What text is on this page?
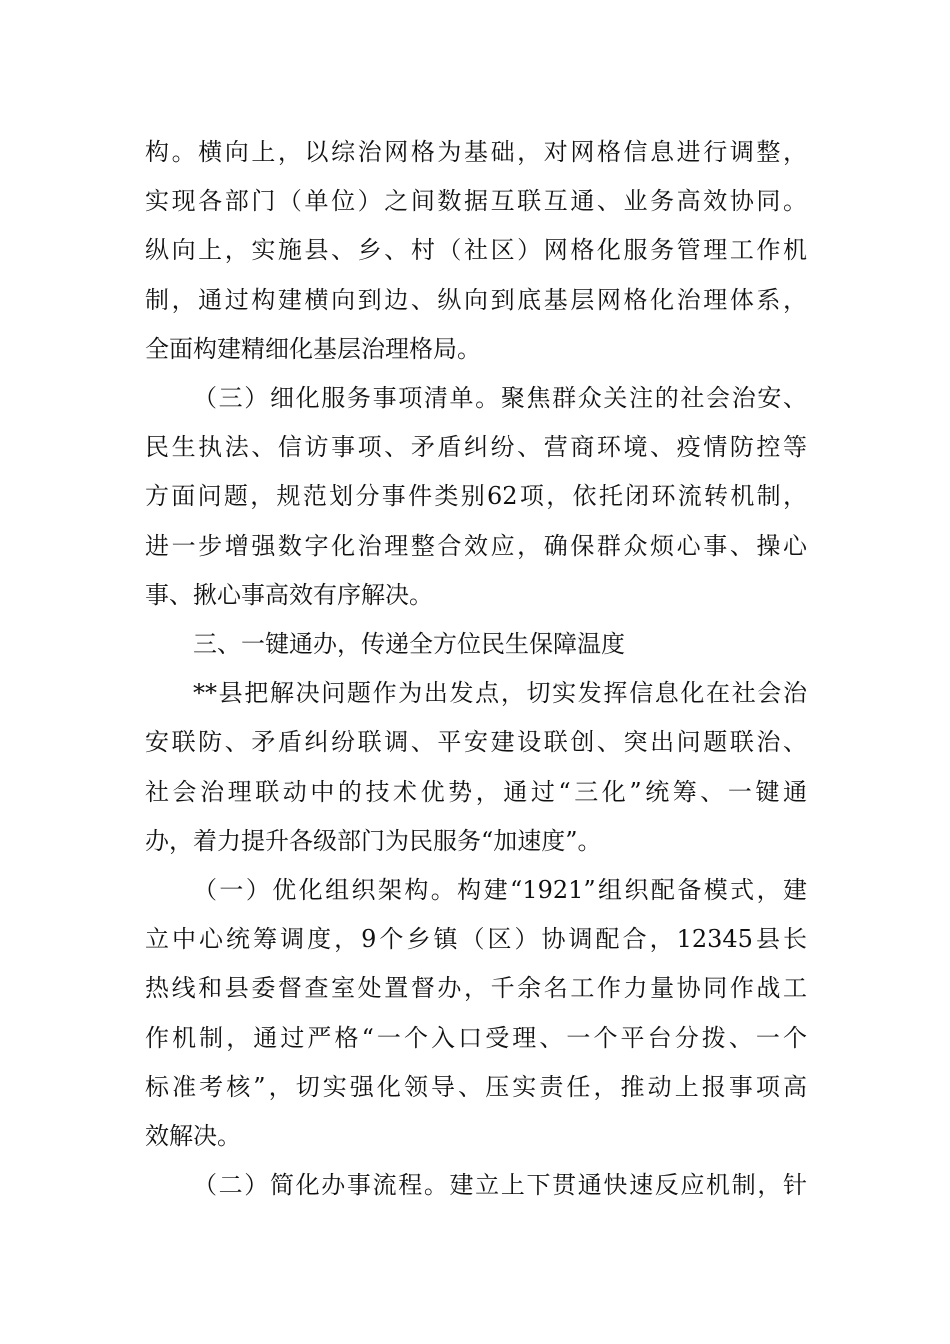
构。横向上，以综治网格为基础，对网格信息进行调整，
实现各部门（单位）之间数据互联互通、业务高效协同。
纵向上，实施县、乡、村（社区）网格化服务管理工作机
制，通过构建横向到边、纵向到底基层网格化治理体系，
全面构建精细化基层治理格局。

（三）细化服务事项清单。聚焦群众关注的社会治安、
民生执法、信访事项、矛盾纠纷、营商环境、疫情防控等
方面问题，规范划分事件类别62项，依托闭环流转机制，
进一步增强数字化治理整合效应，确保群众烦心事、操心
事、揪心事高效有序解决。

三、一键通办，传递全方位民生保障温度

**县把解决问题作为出发点，切实发挥信息化在社会治
安联防、矛盾纠纷联调、平安建设联创、突出问题联治、
社会治理联动中的技术优势，通过“三化”统筹、一键通
办，着力提升各级部门为民服务“加速度”。

（一）优化组织架构。构建“1921”组织配备模式，建
立中心统筹调度，9个乡镇（区）协调配合，12345县长
热线和县委督查室处置督办，千余名工作力量协同作战工
作机制，通过严格“一个入口受理、一个平台分拨、一个
标准考核”，切实强化领导、压实责任，推动上报事项高
效解决。

（二）简化办事流程。建立上下贯通快速反应机制，针
